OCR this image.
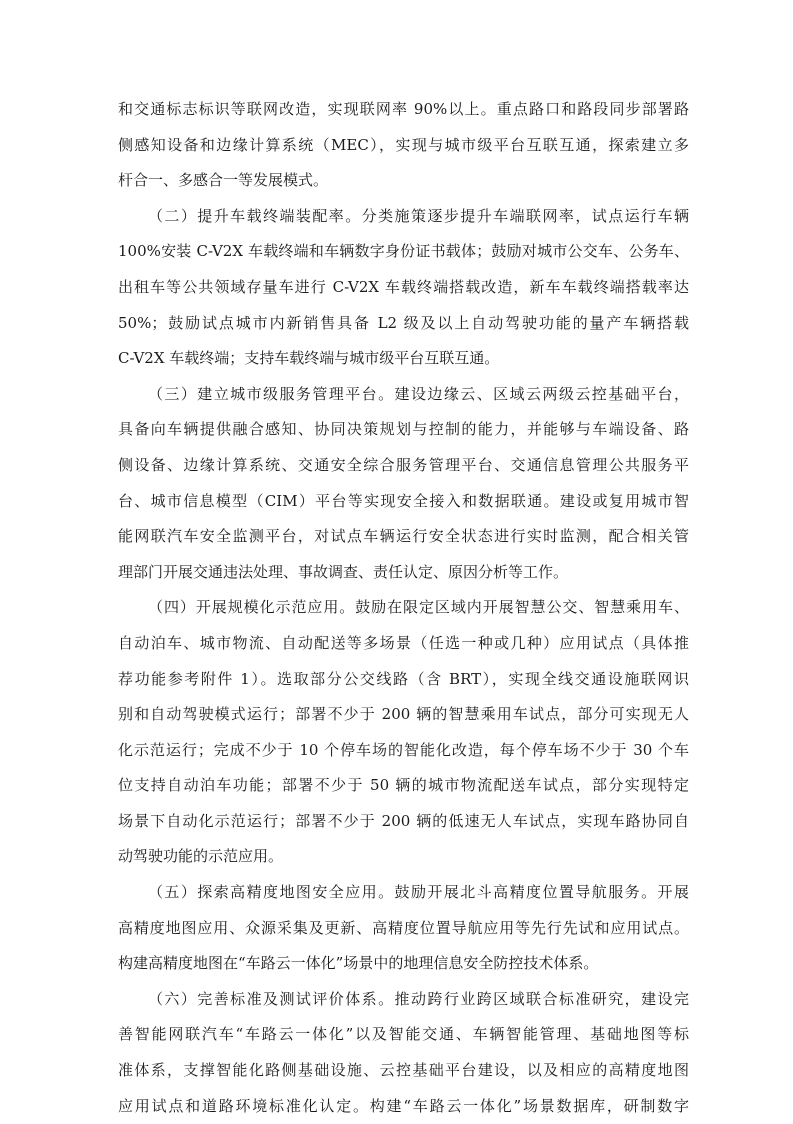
和交通标志标识等联网改造，实现联网率 90%以上。重点路口和路段同步部署路
侧感知设备和边缘计算系统（MEC），实现与城市级平台互联互通，探索建立多
杆合一、多感合一等发展模式。
（二）提升车载终端装配率。分类施策逐步提升车端联网率，试点运行车辆
100%安装 C-V2X 车载终端和车辆数字身份证书载体；鼓励对城市公交车、公务车、
出租车等公共领域存量车进行 C-V2X 车载终端搭载改造，新车车载终端搭载率达
50%；鼓励试点城市内新销售具备 L2 级及以上自动驾驶功能的量产车辆搭载
C-V2X 车载终端；支持车载终端与城市级平台互联互通。
（三）建立城市级服务管理平台。建设边缘云、区域云两级云控基础平台，
具备向车辆提供融合感知、协同决策规划与控制的能力，并能够与车端设备、路
侧设备、边缘计算系统、交通安全综合服务管理平台、交通信息管理公共服务平
台、城市信息模型（CIM）平台等实现安全接入和数据联通。建设或复用城市智
能网联汽车安全监测平台，对试点车辆运行安全状态进行实时监测，配合相关管
理部门开展交通违法处理、事故调查、责任认定、原因分析等工作。
（四）开展规模化示范应用。鼓励在限定区域内开展智慧公交、智慧乘用车、
自动泊车、城市物流、自动配送等多场景（任选一种或几种）应用试点（具体推
荐功能参考附件 1）。选取部分公交线路（含 BRT），实现全线交通设施联网识
别和自动驾驶模式运行；部署不少于 200 辆的智慧乘用车试点，部分可实现无人
化示范运行；完成不少于 10 个停车场的智能化改造，每个停车场不少于 30 个车
位支持自动泊车功能；部署不少于 50 辆的城市物流配送车试点，部分实现特定
场景下自动化示范运行；部署不少于 200 辆的低速无人车试点，实现车路协同自
动驾驶功能的示范应用。
（五）探索高精度地图安全应用。鼓励开展北斗高精度位置导航服务。开展
高精度地图应用、众源采集及更新、高精度位置导航应用等先行先试和应用试点。
构建高精度地图在“车路云一体化”场景中的地理信息安全防控技术体系。
（六）完善标准及测试评价体系。推动跨行业跨区域联合标准研究，建设完
善智能网联汽车“车路云一体化”以及智能交通、车辆智能管理、基础地图等标
准体系，支撑智能化路侧基础设施、云控基础平台建设，以及相应的高精度地图
应用试点和道路环境标准化认定。构建“车路云一体化”场景数据库，研制数字
